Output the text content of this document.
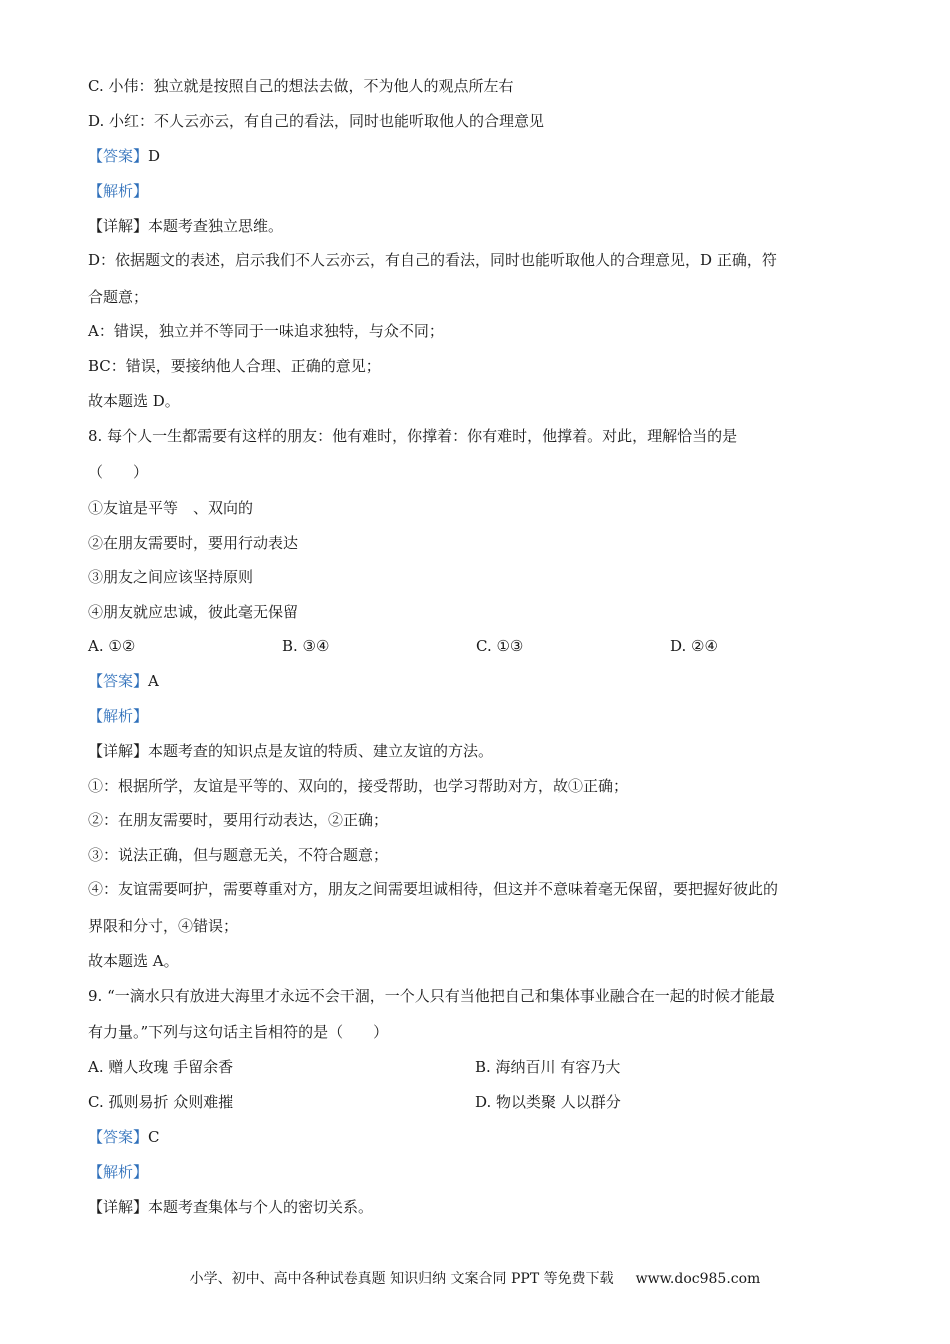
C. 小伟：独立就是按照自己的想法去做，不为他人的观点所左右
D. 小红：不人云亦云，有自己的看法，同时也能听取他人的合理意见
【答案】D
【解析】
【详解】本题考查独立思维。
D：依据题文的表述，启示我们不人云亦云，有自己的看法，同时也能听取他人的合理意见，D 正确，符
合题意；
A：错误，独立并不等同于一味追求独特，与众不同；
BC：错误，要接纳他人合理、正确的意见；
故本题选 D。
8. 每个人一生都需要有这样的朋友：他有难时，你撑着：你有难时，他撑着。对此，理解恰当的是
（　　）
①友谊是平等　、双向的
②在朋友需要时，要用行动表达
③朋友之间应该坚持原则
④朋友就应忠诚，彼此毫无保留
A. ①②	B. ③④	C. ①③	D. ②④
【答案】A
【解析】
【详解】本题考查的知识点是友谊的特质、建立友谊的方法。
①：根据所学，友谊是平等的、双向的，接受帮助，也学习帮助对方，故①正确；
②：在朋友需要时，要用行动表达，②正确；
③：说法正确，但与题意无关，不符合题意；
④：友谊需要呵护，需要尊重对方，朋友之间需要坦诚相待，但这并不意味着毫无保留，要把握好彼此的
界限和分寸，④错误；
故本题选 A。
9. “一滴水只有放进大海里才永远不会干涸，一个人只有当他把自己和集体事业融合在一起的时候才能最
有力量。”下列与这句话主旨相符的是（　　）
A. 赠人玫瑰 手留余香	B. 海纳百川 有容乃大
C. 孤则易折 众则难摧	D. 物以类聚 人以群分
【答案】C
【解析】
【详解】本题考查集体与个人的密切关系。
小学、初中、高中各种试卷真题 知识归纳 文案合同 PPT 等免费下载 www.doc985.com
